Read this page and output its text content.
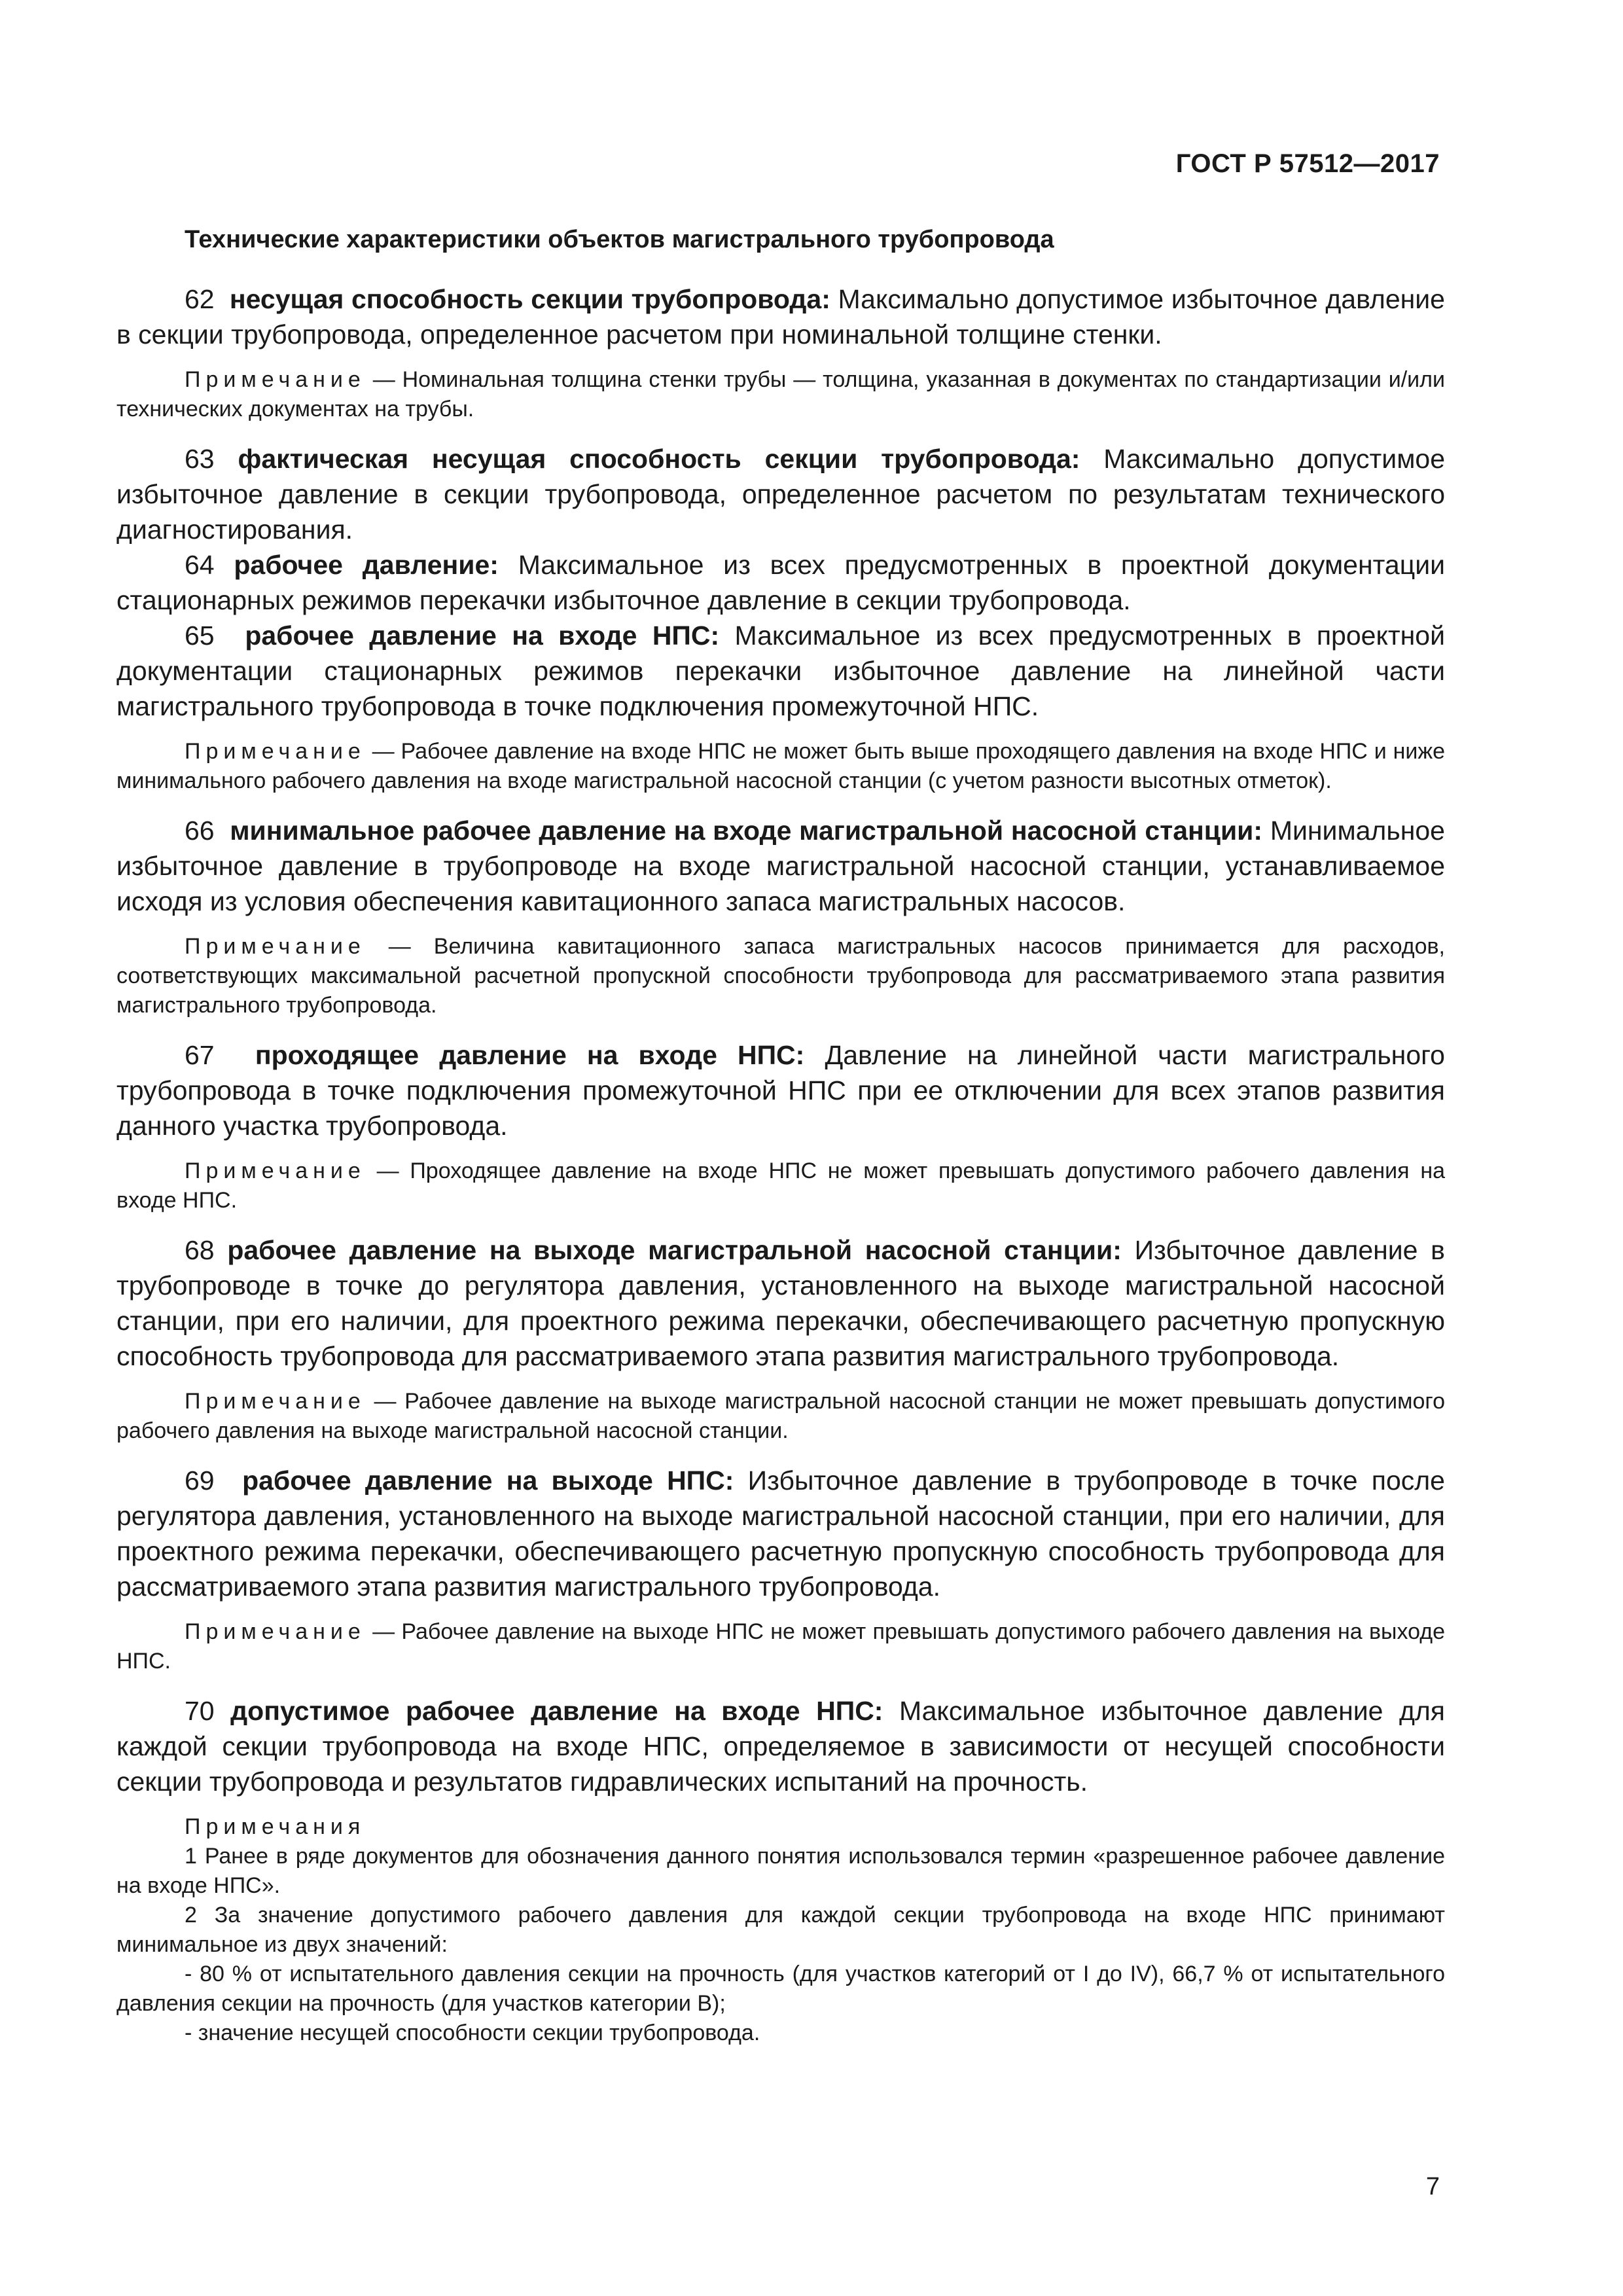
ГОСТ Р 57512—2017
Технические характеристики объектов магистрального трубопровода

62 несущая способность секции трубопровода: Максимально допустимое избыточное давление в секции трубопровода, определенное расчетом при номинальной толщине стенки.

Примечание — Номинальная толщина стенки трубы — толщина, указанная в документах по стандартизации и/или технических документах на трубы.

63 фактическая несущая способность секции трубопровода: Максимально допустимое избыточное давление в секции трубопровода, определенное расчетом по результатам технического диагностирования.

64 рабочее давление: Максимальное из всех предусмотренных в проектной документации стационарных режимов перекачки избыточное давление в секции трубопровода.

65 рабочее давление на входе НПС: Максимальное из всех предусмотренных в проектной документации стационарных режимов перекачки избыточное давление на линейной части магистрального трубопровода в точке подключения промежуточной НПС.

Примечание — Рабочее давление на входе НПС не может быть выше проходящего давления на входе НПС и ниже минимального рабочего давления на входе магистральной насосной станции (с учетом разности высотных отметок).

66 минимальное рабочее давление на входе магистральной насосной станции: Минимальное избыточное давление в трубопроводе на входе магистральной насосной станции, устанавливаемое исходя из условия обеспечения кавитационного запаса магистральных насосов.

Примечание — Величина кавитационного запаса магистральных насосов принимается для расходов, соответствующих максимальной расчетной пропускной способности трубопровода для рассматриваемого этапа развития магистрального трубопровода.

67 проходящее давление на входе НПС: Давление на линейной части магистрального трубопровода в точке подключения промежуточной НПС при ее отключении для всех этапов развития данного участка трубопровода.

Примечание — Проходящее давление на входе НПС не может превышать допустимого рабочего давления на входе НПС.

68 рабочее давление на выходе магистральной насосной станции: Избыточное давление в трубопроводе в точке до регулятора давления, установленного на выходе магистральной насосной станции, при его наличии, для проектного режима перекачки, обеспечивающего расчетную пропускную способность трубопровода для рассматриваемого этапа развития магистрального трубопровода.

Примечание — Рабочее давление на выходе магистральной насосной станции не может превышать допустимого рабочего давления на выходе магистральной насосной станции.

69 рабочее давление на выходе НПС: Избыточное давление в трубопроводе в точке после регулятора давления, установленного на выходе магистральной насосной станции, при его наличии, для проектного режима перекачки, обеспечивающего расчетную пропускную способность трубопровода для рассматриваемого этапа развития магистрального трубопровода.

Примечание — Рабочее давление на выходе НПС не может превышать допустимого рабочего давления на выходе НПС.

70 допустимое рабочее давление на входе НПС: Максимальное избыточное давление для каждой секции трубопровода на входе НПС, определяемое в зависимости от несущей способности секции трубопровода и результатов гидравлических испытаний на прочность.

Примечания

1 Ранее в ряде документов для обозначения данного понятия использовался термин «разрешенное рабочее давление на входе НПС».

2 За значение допустимого рабочего давления для каждой секции трубопровода на входе НПС принимают минимальное из двух значений:

- 80 % от испытательного давления секции на прочность (для участков категорий от I до IV), 66,7 % от испытательного давления секции на прочность (для участков категории В);

- значение несущей способности секции трубопровода.

7
